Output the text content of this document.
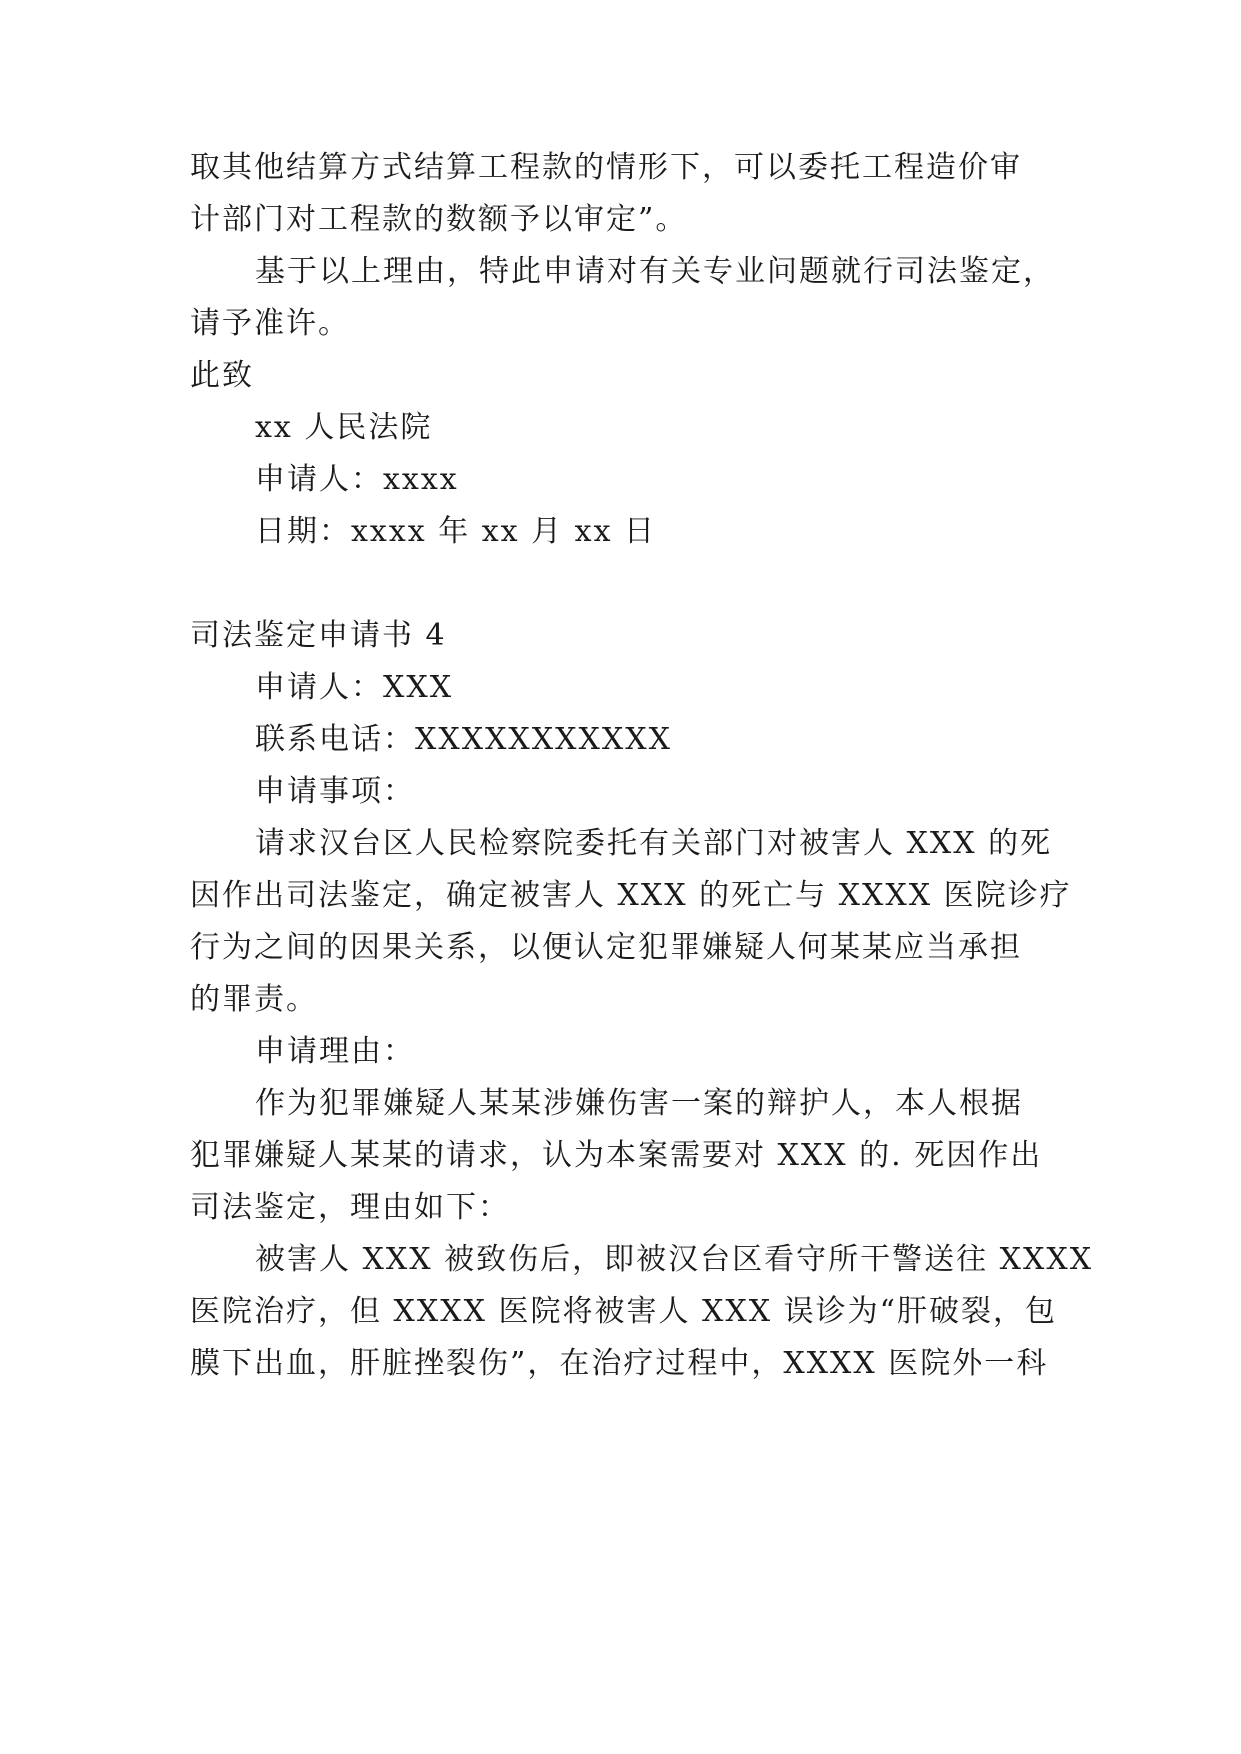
取其他结算方式结算工程款的情形下，可以委托工程造价审
计部门对工程款的数额予以审定”。
基于以上理由，特此申请对有关专业问题就行司法鉴定，
请予准许。
此致
xx 人民法院
申请人：xxxx
日期：xxxx 年 xx 月 xx 日
司法鉴定申请书 4
申请人：XXX
联系电话：XXXXXXXXXXX
申请事项：
请求汉台区人民检察院委托有关部门对被害人 XXX 的死
因作出司法鉴定，确定被害人 XXX 的死亡与 XXXX 医院诊疗
行为之间的因果关系，以便认定犯罪嫌疑人何某某应当承担
的罪责。
申请理由：
作为犯罪嫌疑人某某涉嫌伤害一案的辩护人，本人根据
犯罪嫌疑人某某的请求，认为本案需要对 XXX 的. 死因作出
司法鉴定，理由如下：
被害人 XXX 被致伤后，即被汉台区看守所干警送往 XXXX
医院治疗，但 XXXX 医院将被害人 XXX 误诊为“肝破裂，包
膜下出血，肝脏挫裂伤”，在治疗过程中，XXXX 医院外一科
